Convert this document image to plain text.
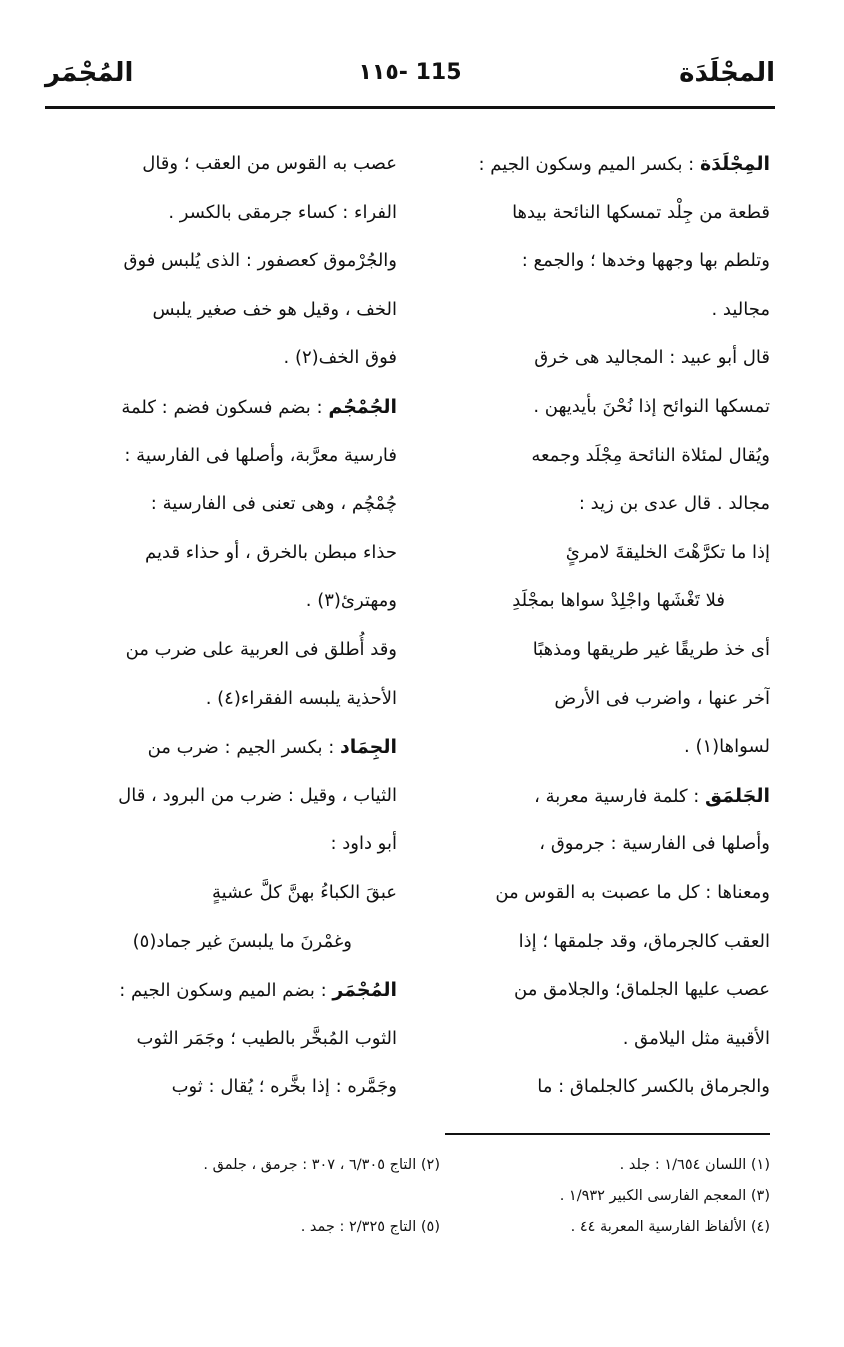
المجْلَدَة
115 -١١٥
المُجْمَر
المِجْلَدَة : بكسر الميم وسكون الجيم :
قطعة من جِلْد تمسكها النائحة بيدها
وتلطم بها وجهها وخدها ؛ والجمع :
مجاليد .
قال أبو عبيد : المجاليد هى خرق
تمسكها النوائح إذا نُحْنَ بأيديهن .
ويُقال لمئلاة النائحة مِجْلَد وجمعه
مجالد . قال عدى بن زيد :
إذا ما تكرَّهْتَ الخليقةَ لامرئٍ
فلا تَغْشَها واجْلِدْ سواها بمجْلَدِ
أى خذ طريقًا غير طريقها ومذهبًا
آخر عنها ، واضرب فى الأرض
لسواها(١) .
الجَلمَق : كلمة فارسية معربة ،
وأصلها فى الفارسية : جرموق ،
ومعناها : كل ما عصبت به القوس من
العقب كالجرماق، وقد جلمقها ؛ إذا
عصب عليها الجلماق؛ والجلامق من
الأقبية مثل اليلامق .
والجرماق بالكسر كالجلماق : ما
عصب به القوس من العقب ؛ وقال
الفراء : كساء جرمقى بالكسر .
والجُرْموق كعصفور : الذى يُلبس فوق
الخف ، وقيل هو خف صغير يلبس
فوق الخف(٢) .
الجُمْجُم : بضم فسكون فضم : كلمة
فارسية معرَّبة، وأصلها فى الفارسية :
چُمْچُم ، وهى تعنى فى الفارسية :
حذاء مبطن بالخرق ، أو حذاء قديم
ومهترئ(٣) .
وقد أُطلق فى العربية على ضرب من
الأحذية يلبسه الفقراء(٤) .
الجِمَاد : بكسر الجيم : ضرب من
الثياب ، وقيل : ضرب من البرود ، قال
أبو داود :
عبقَ الكباءُ بهنَّ كلَّ عشيةٍ
وغمْرنَ ما يلبسنَ غير جماد(٥)
المُجْمَر : بضم الميم وسكون الجيم :
الثوب المُبخَّر بالطيب ؛ وجَمَر الثوب
وجَمَّره : إذا بخَّره ؛ يُقال : ثوب
(١) اللسان ١/٦٥٤ : جلد .
(٢) التاج ٦/٣٠٥ ، ٣٠٧ : جرمق ، جلمق .
(٣) المعجم الفارسى الكبير ١/٩٣٢ .
(٤) الألفاظ الفارسية المعربة ٤٤ .
(٥) التاج ٢/٣٢٥ : جمد .
